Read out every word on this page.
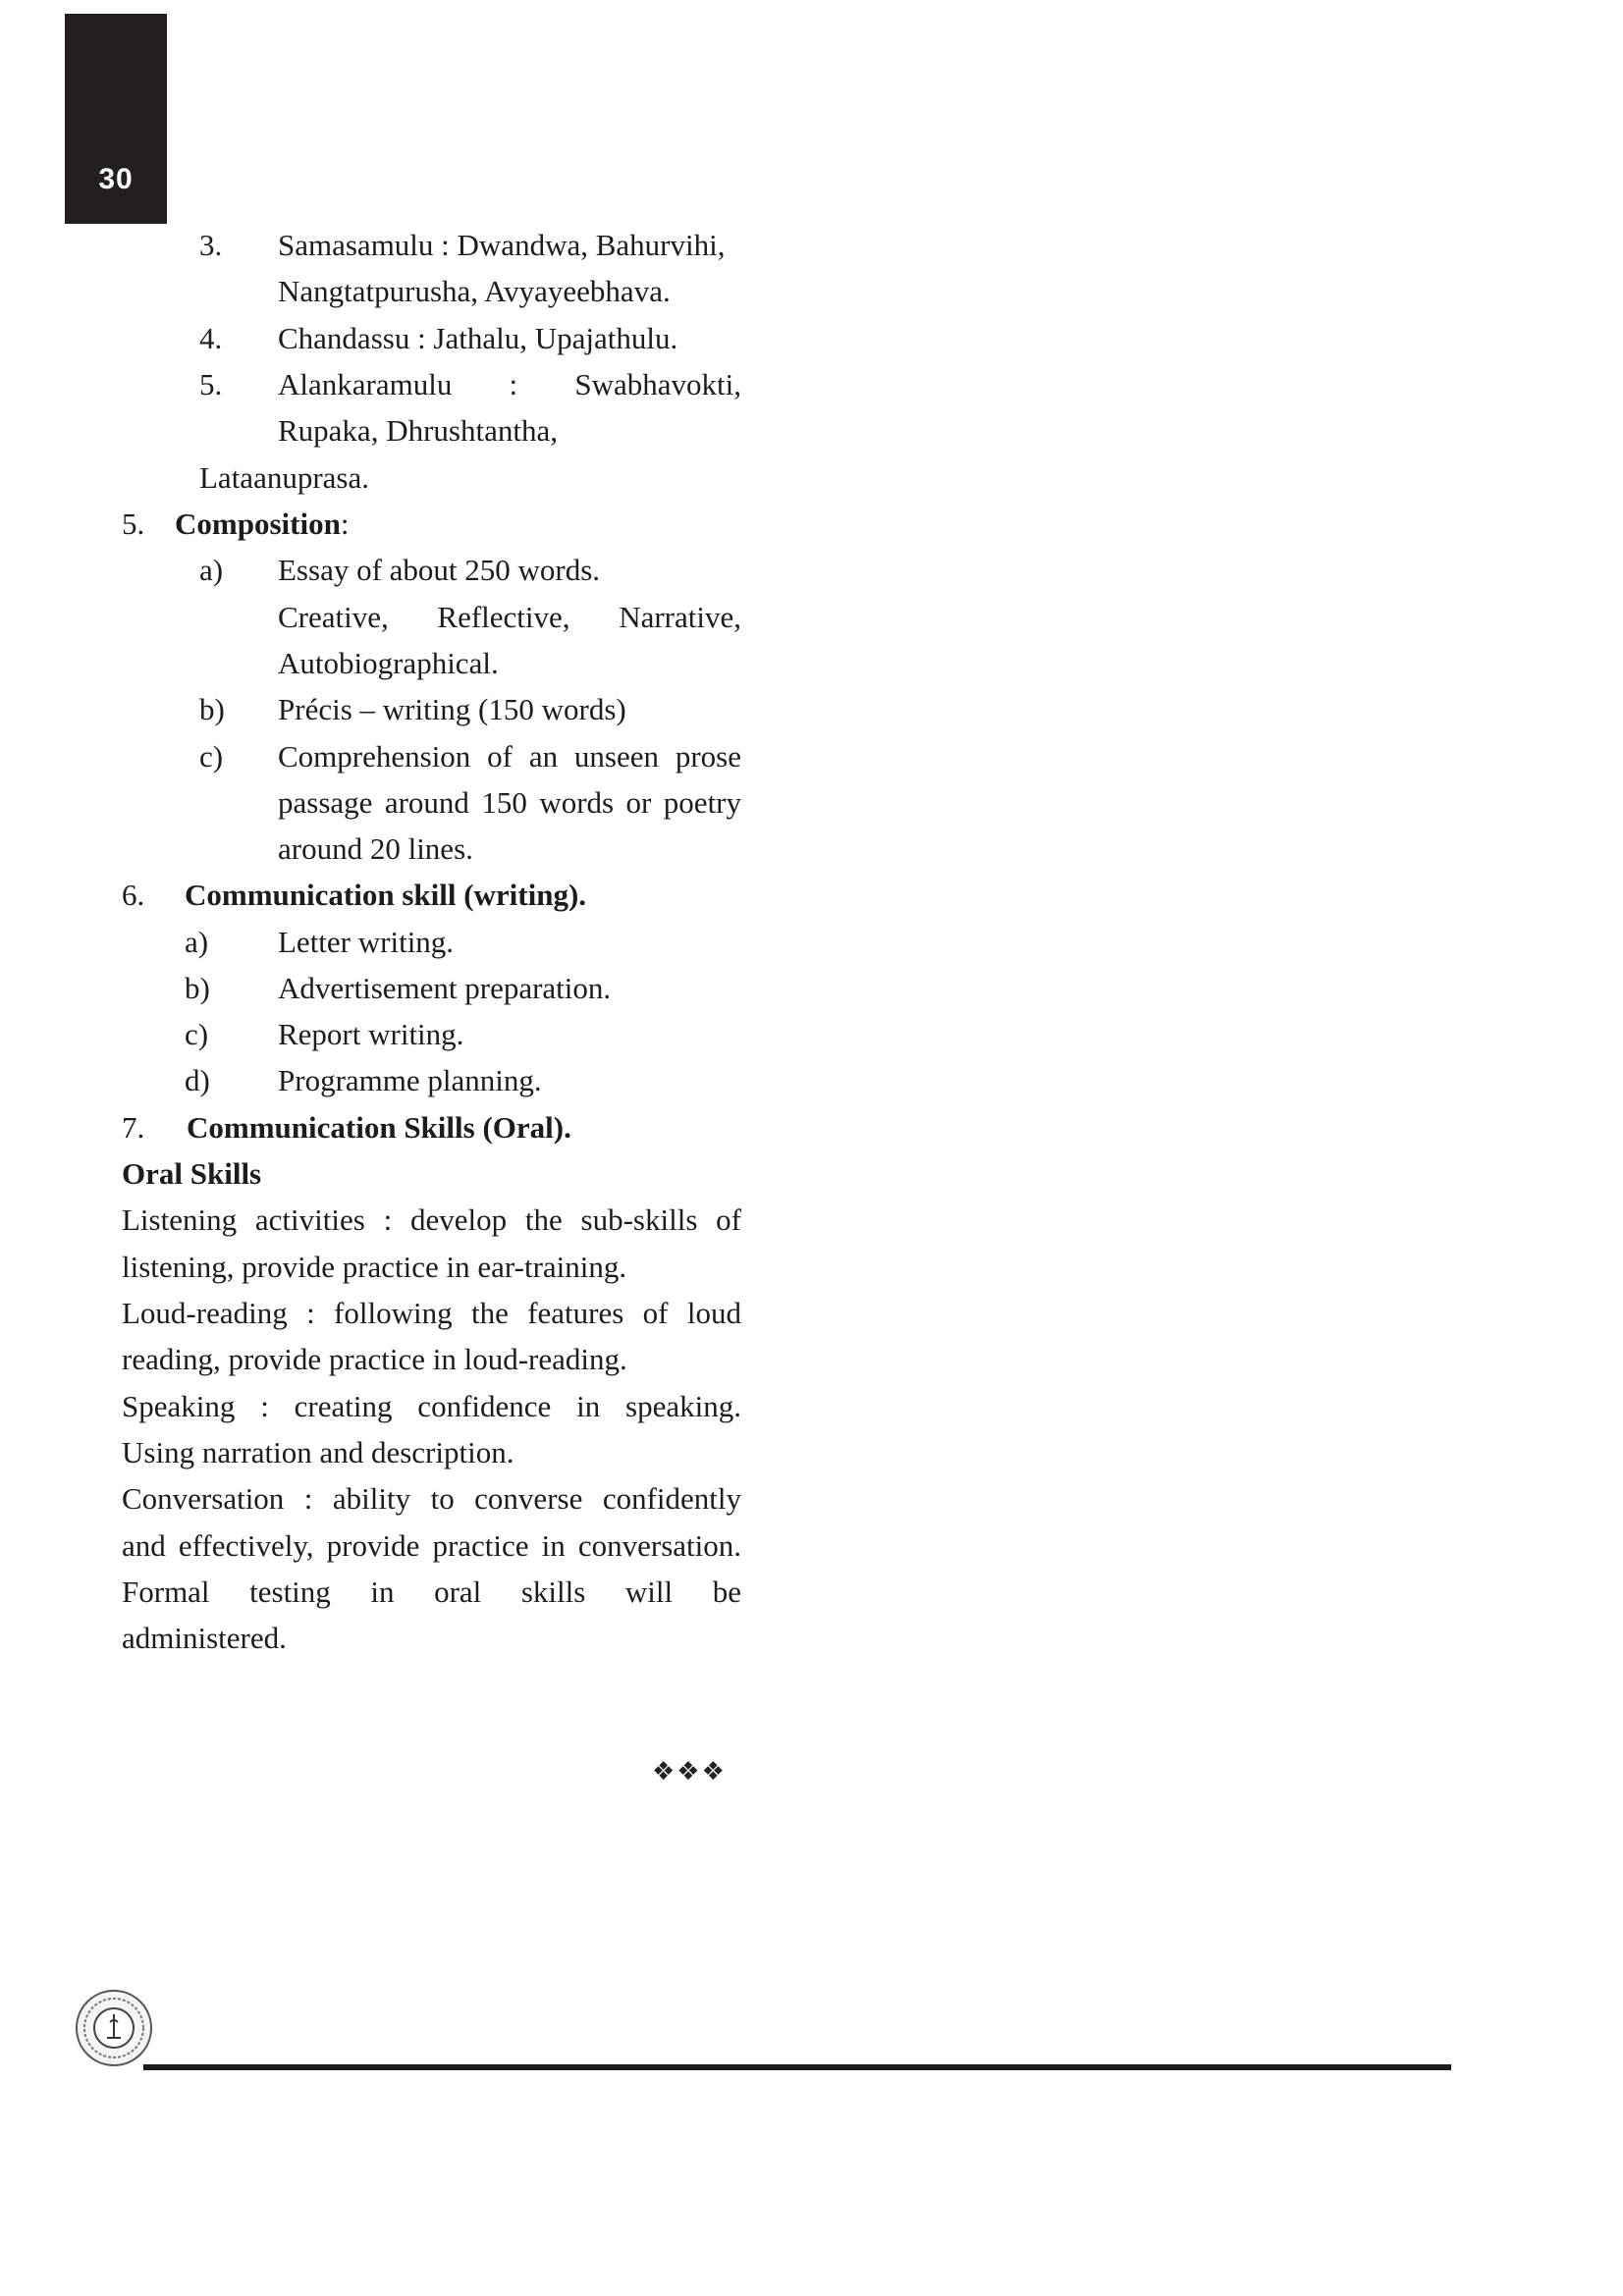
30
3. Samasamulu : Dwandwa, Bahurvihi,
Nangtatpurusha, Avyayeebhava.
4. Chandassu : Jathalu, Upajathulu.
5. Alankaramulu : Swabhavokti,
Rupaka, Dhrushtantha,
Lataanuprasa.
5. Composition:
a) Essay of about 250 words.
Creative, Reflective, Narrative,
Autobiographical.
b) Précis – writing (150 words)
c) Comprehension of an unseen prose
passage around 150 words or poetry
around 20 lines.
6. Communication skill (writing).
a) Letter writing.
b) Advertisement preparation.
c) Report writing.
d) Programme planning.
7. Communication Skills (Oral).
Oral Skills
Listening activities : develop the sub-skills of
listening, provide practice in ear-training.
Loud-reading : following the features of loud
reading, provide practice in loud-reading.
Speaking : creating confidence in speaking.
Using narration and description.
Conversation : ability to converse confidently
and effectively, provide practice in conversation.
Formal testing in oral skills will be
administered.
❖❖❖
